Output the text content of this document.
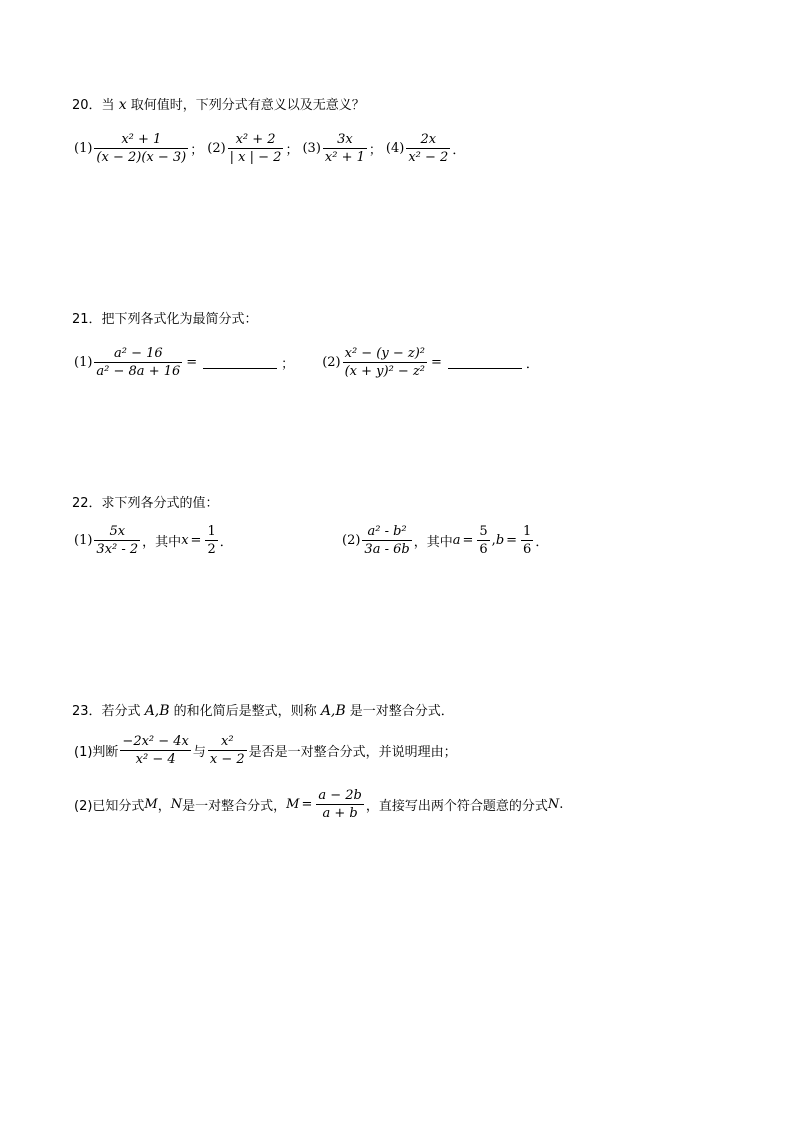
20．当 x 取何值时，下列分式有意义以及无意义？
$(1) \frac{\text{x² + 1}}{(x - 2)(x - 3)}$ ； $(2) \frac{\text{x² + 2}}{| x | - 2}$ ； $(3) \frac{3x}{\text{x² + 1}}$ ； $(4) \frac{2x}{\text{x² − 2}}$ ．
21．把下列各式化为最简分式：
$(1) \frac{\text{a² − 16}}{\text{a² − 8a + 16}}$ =	； $(2) \frac{\text{x² − (y − z)²}}{\text{(x + y)² − z²}}$ =	．
22．求下列各分式的值：
$(1) \frac{5x}{\text{3x² - 2}}$ ，其中 $x = \frac{1}{2}$ ．	$(2) \frac{\text{a² - b²}}{3a - 6b}$ ，其中 $a = \frac{5}{6}$ , $b = \frac{1}{6}$ ．
23．若分式 A,B 的和化简后是整式，则称 A,B 是一对整合分式．
(1)判断 $\frac{\text{−2x² − 4x}}{\text{x² − 4}}$ 与 $\frac{\text{x²}}{x - 2}$ 是否是一对整合分式，并说明理由；
(2)已知分式 M ， N 是一对整合分式， $M = \frac{a - 2b}{a + b}$ ，直接写出两个符合题意的分式 N .
